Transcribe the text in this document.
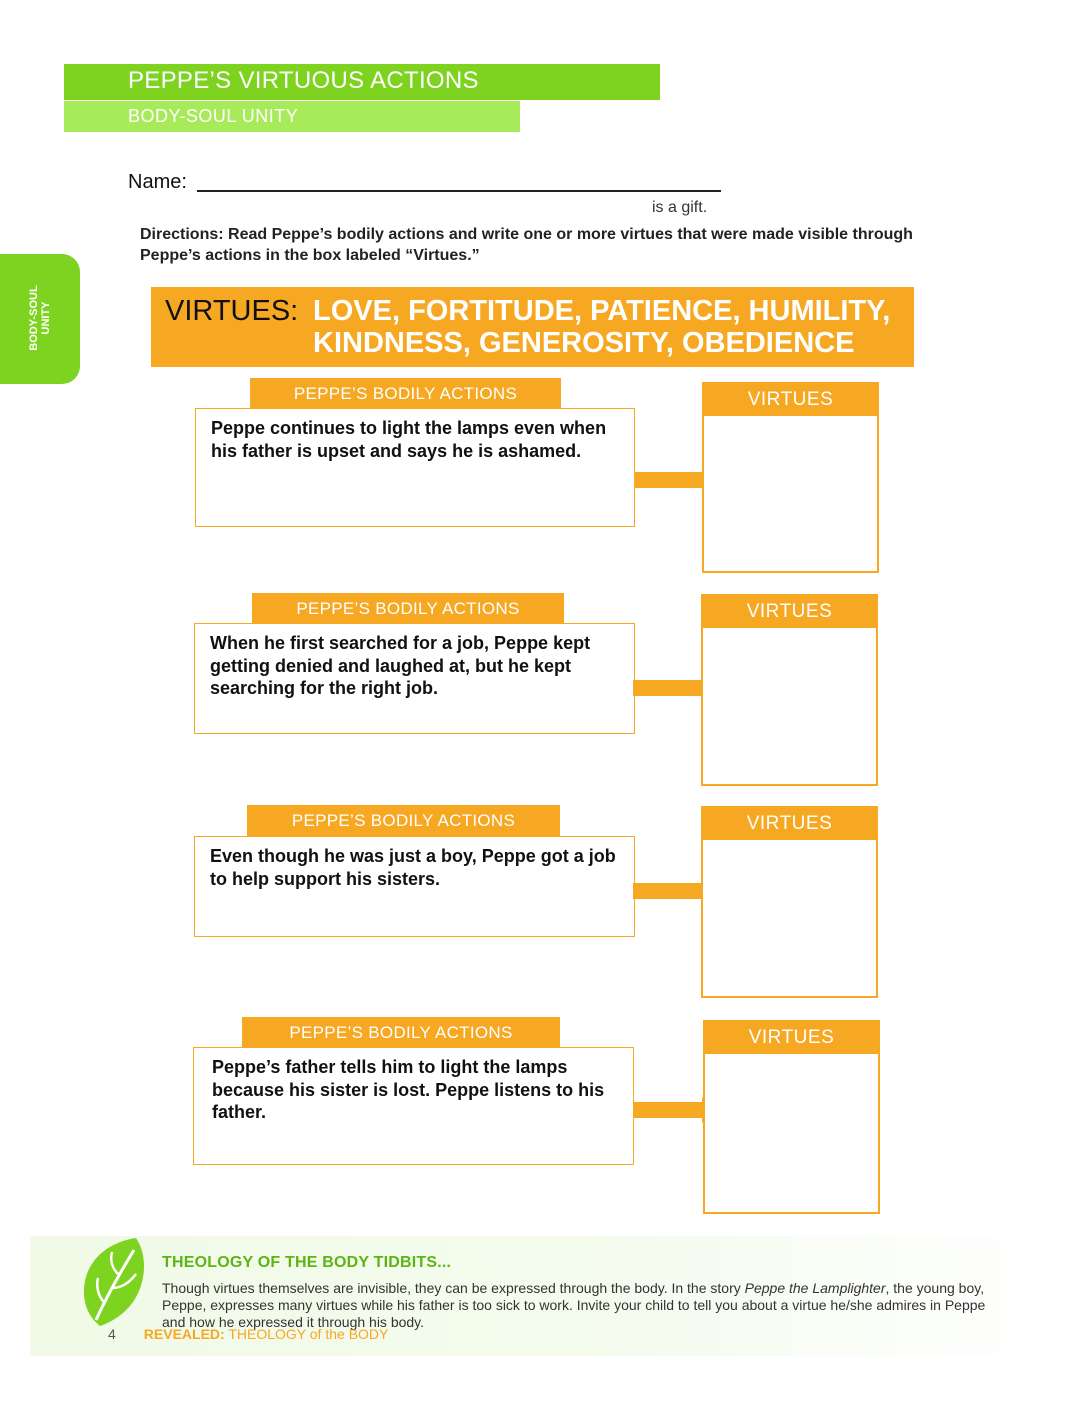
PEPPE’S VIRTUOUS ACTIONS
BODY-SOUL UNITY
BODY-SOUL UNITY
Name:
is a gift.
Directions: Read Peppe’s bodily actions and write one or more virtues that were made visible through Peppe’s actions in the box labeled “Virtues.”
VIRTUES: LOVE, FORTITUDE, PATIENCE, HUMILITY, KINDNESS, GENEROSITY, OBEDIENCE
PEPPE’S BODILY ACTIONS
Peppe continues to light the lamps even when his father is upset and says he is ashamed.
VIRTUES
PEPPE’S BODILY ACTIONS
When he first searched for a job, Peppe kept getting denied and laughed at, but he kept searching for the right job.
VIRTUES
PEPPE’S BODILY ACTIONS
Even though he was just a boy, Peppe got a job to help support his sisters.
VIRTUES
PEPPE’S BODILY ACTIONS
Peppe’s father tells him to light the lamps because his sister is lost. Peppe listens to his father.
VIRTUES
THEOLOGY OF THE BODY TIDBITS...
Though virtues themselves are invisible, they can be expressed through the body. In the story Peppe the Lamplighter, the young boy, Peppe, expresses many virtues while his father is too sick to work. Invite your child to tell you about a virtue he/she admires in Peppe and how he expressed it through his body.
4 REVEALED: THEOLOGY of the BODY
